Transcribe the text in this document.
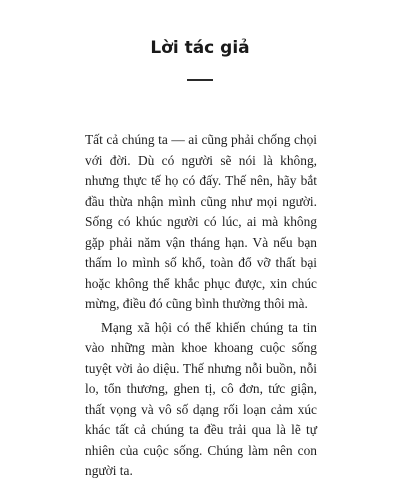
Lời tác giả

Tất cả chúng ta — ai cũng phải chống chọi với đời. Dù có người sẽ nói là không, nhưng thực tế họ có đấy. Thế nên, hãy bắt đầu thừa nhận mình cũng như mọi người. Sống có khúc người có lúc, ai mà không gặp phải năm vận tháng hạn. Và nếu bạn thấm lo mình số khổ, toàn đổ vỡ thất bại hoặc không thể khắc phục được, xin chúc mừng, điều đó cũng bình thường thôi mà.

Mạng xã hội có thể khiến chúng ta tin vào những màn khoe khoang cuộc sống tuyệt vời ảo diệu. Thế nhưng nỗi buồn, nỗi lo, tổn thương, ghen tị, cô đơn, tức giận, thất vọng và vô số dạng rối loạn cảm xúc khác tất cả chúng ta đều trải qua là lẽ tự nhiên của cuộc sống. Chúng làm nên con người ta.
